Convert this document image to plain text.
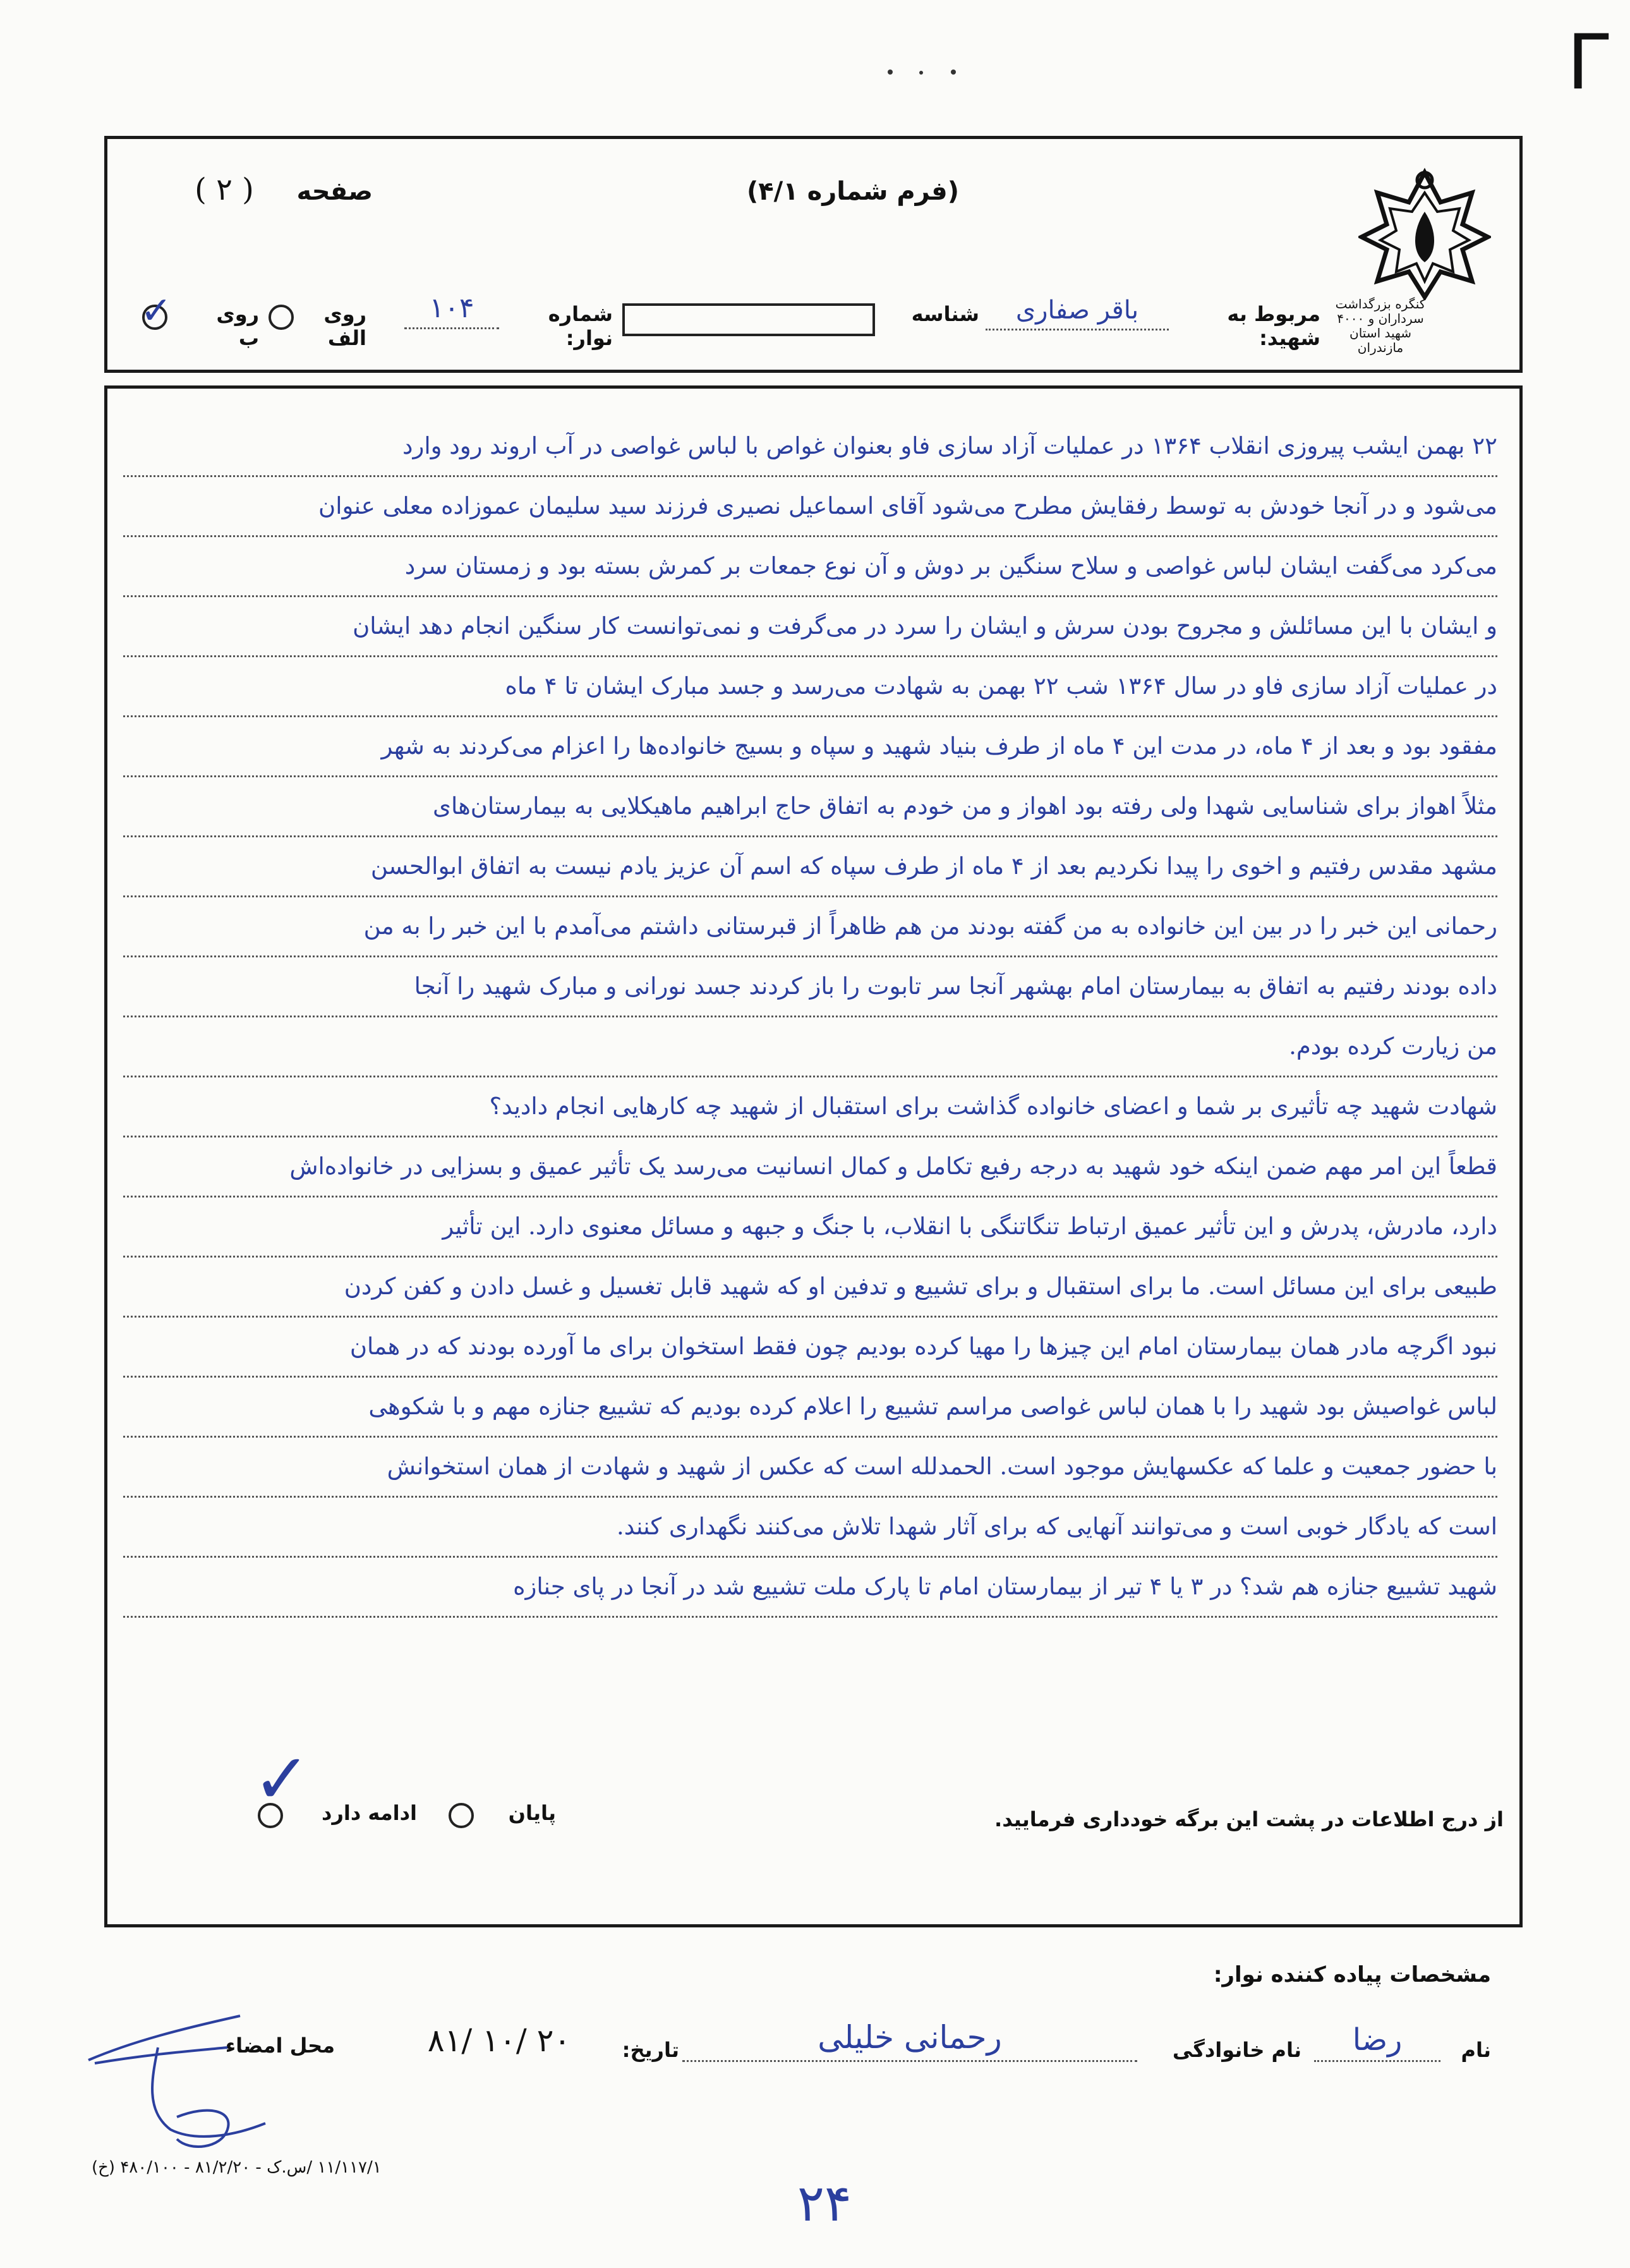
ᒥ
کنگره بزرگداشت سرداران و ۴۰۰۰ شهید استان مازندران
(فرم شماره ۴/۱)
صفحه
( ۲ )
مربوط به شهید:
باقر صفاری
شناسه
شماره نوار:
۱۰۴
روی الف
روی ب
✓
۲۲ بهمن ایشب پیروزی انقلاب ۱۳۶۴ در عملیات آزاد سازی فاو بعنوان غواص با لباس غواصی در آب اروند رود وارد
می‌شود و در آنجا خودش به توسط رفقایش مطرح می‌شود آقای اسماعیل نصیری فرزند سید سلیمان عموزاده معلی عنوان
می‌کرد می‌گفت ایشان لباس غواصی و سلاح سنگین بر دوش و آن نوع جمعات بر کمرش بسته بود و زمستان سرد
و ایشان با این مسائلش و مجروح بودن سرش و ایشان را سرد در می‌گرفت و نمی‌توانست کار سنگین انجام دهد ایشان
در عملیات آزاد سازی فاو در سال ۱۳۶۴ شب ۲۲ بهمن به شهادت می‌رسد و جسد مبارک ایشان تا ۴ ماه
مفقود بود و بعد از ۴ ماه، در مدت این ۴ ماه از طرف بنیاد شهید و سپاه و بسیج خانواده‌ها را اعزام می‌کردند به شهر
مثلاً اهواز برای شناسایی شهدا ولی رفته بود اهواز و من خودم به اتفاق حاج ابراهیم ماهیکلایی به بیمارستان‌های
مشهد مقدس رفتیم و اخوی را پیدا نکردیم بعد از ۴ ماه از طرف سپاه که اسم آن عزیز یادم نیست به اتفاق ابوالحسن
رحمانی این خبر را در بین این خانواده به من گفته بودند من هم ظاهراً از قبرستانی داشتم می‌آمدم با این خبر را به من
داده بودند رفتیم به اتفاق به بیمارستان امام بهشهر آنجا سر تابوت را باز کردند جسد نورانی و مبارک شهید را آنجا
من زیارت کرده بودم.
شهادت شهید چه تأثیری بر شما و اعضای خانواده گذاشت برای استقبال از شهید چه کارهایی انجام دادید؟
قطعاً این امر مهم ضمن اینکه خود شهید به درجه رفیع تکامل و کمال انسانیت می‌رسد یک تأثیر عمیق و بسزایی در خانواده‌اش
دارد، مادرش، پدرش و این تأثیر عمیق ارتباط تنگاتنگی با انقلاب، با جنگ و جبهه و مسائل معنوی دارد. این تأثیر
طبیعی برای این مسائل است. ما برای استقبال و برای تشییع و تدفین او که شهید قابل تغسیل و غسل دادن و کفن کردن
نبود اگرچه مادر همان بیمارستان امام این چیزها را مهیا کرده بودیم چون فقط استخوان برای ما آورده بودند که در همان
لباس غواصیش بود شهید را با همان لباس غواصی مراسم تشییع را اعلام کرده بودیم که تشییع جنازه مهم و با شکوهی
با حضور جمعیت و علما که عکسهایش موجود است. الحمدلله است که عکس از شهید و شهادت از همان استخوانش
است که یادگار خوبی است و می‌توانند آنهایی که برای آثار شهدا تلاش می‌کنند نگهداری کنند.
شهید تشییع جنازه هم شد؟ در ۳ یا ۴ تیر از بیمارستان امام تا پارک ملت تشییع شد در آنجا در پای جنازه
پایان
ادامه دارد
✓	از درج اطلاعات در پشت این برگه خودداری فرمایید.
مشخصات پیاده کننده نوار:
نام
رضا
نام خانوادگی
رحمانی خلیلی
تاریخ:
۸۱/ ۱۰/ ۲۰
محل امضاء
۱۱/۱۱۷/۱ /س.ک - ۸۱/۲/۲۰ - ۴۸۰/۱۰۰ (خ)
۲۴
